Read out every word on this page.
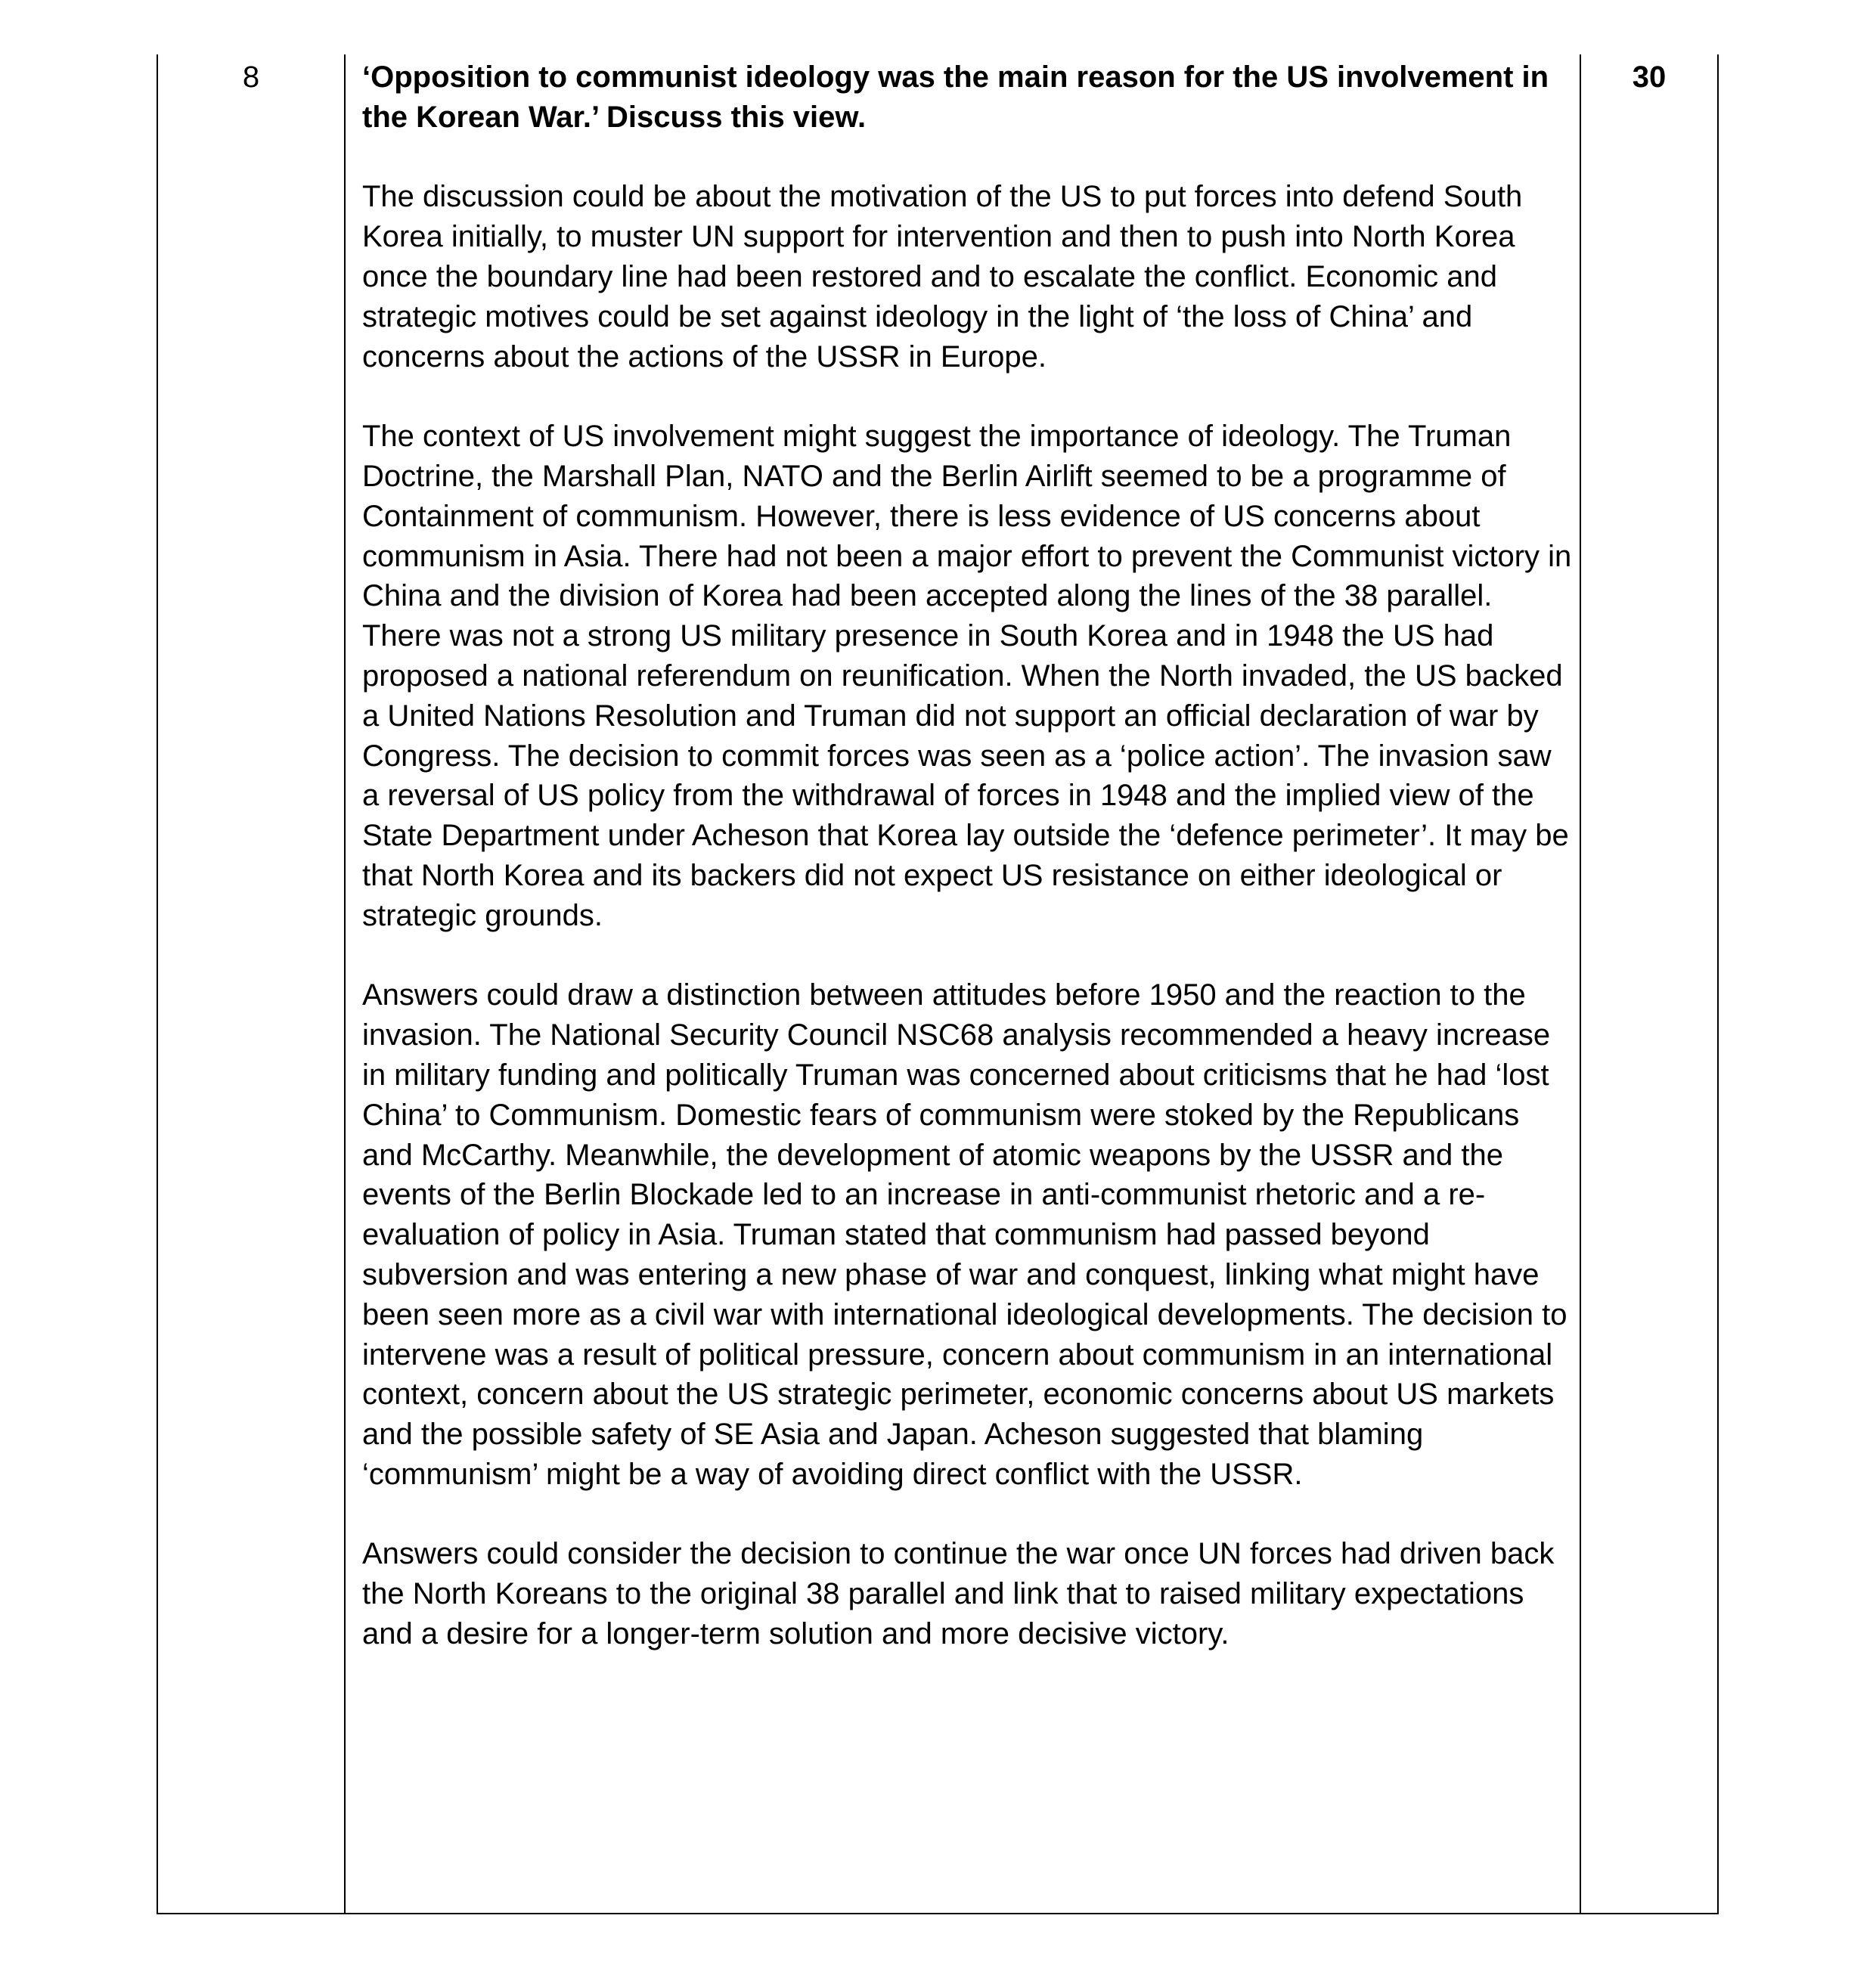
8	‘Opposition to communist ideology was the main reason for the US involvement in the Korean War.’ Discuss this view.

The discussion could be about the motivation of the US to put forces into defend South Korea initially, to muster UN support for intervention and then to push into North Korea once the boundary line had been restored and to escalate the conflict. Economic and strategic motives could be set against ideology in the light of ‘the loss of China’ and concerns about the actions of the USSR in Europe.

The context of US involvement might suggest the importance of ideology. The Truman Doctrine, the Marshall Plan, NATO and the Berlin Airlift seemed to be a programme of Containment of communism. However, there is less evidence of US concerns about communism in Asia. There had not been a major effort to prevent the Communist victory in China and the division of Korea had been accepted along the lines of the 38 parallel. There was not a strong US military presence in South Korea and in 1948 the US had proposed a national referendum on reunification. When the North invaded, the US backed a United Nations Resolution and Truman did not support an official declaration of war by Congress. The decision to commit forces was seen as a ‘police action’. The invasion saw a reversal of US policy from the withdrawal of forces in 1948 and the implied view of the State Department under Acheson that Korea lay outside the ‘defence perimeter’. It may be that North Korea and its backers did not expect US resistance on either ideological or strategic grounds.

Answers could draw a distinction between attitudes before 1950 and the reaction to the invasion. The National Security Council NSC68 analysis recommended a heavy increase in military funding and politically Truman was concerned about criticisms that he had ‘lost China’ to Communism. Domestic fears of communism were stoked by the Republicans and McCarthy. Meanwhile, the development of atomic weapons by the USSR and the events of the Berlin Blockade led to an increase in anti-communist rhetoric and a re-evaluation of policy in Asia. Truman stated that communism had passed beyond subversion and was entering a new phase of war and conquest, linking what might have been seen more as a civil war with international ideological developments. The decision to intervene was a result of political pressure, concern about communism in an international context, concern about the US strategic perimeter, economic concerns about US markets and the possible safety of SE Asia and Japan. Acheson suggested that blaming ‘communism’ might be a way of avoiding direct conflict with the USSR.

Answers could consider the decision to continue the war once UN forces had driven back the North Koreans to the original 38 parallel and link that to raised military expectations and a desire for a longer-term solution and more decisive victory.

30
